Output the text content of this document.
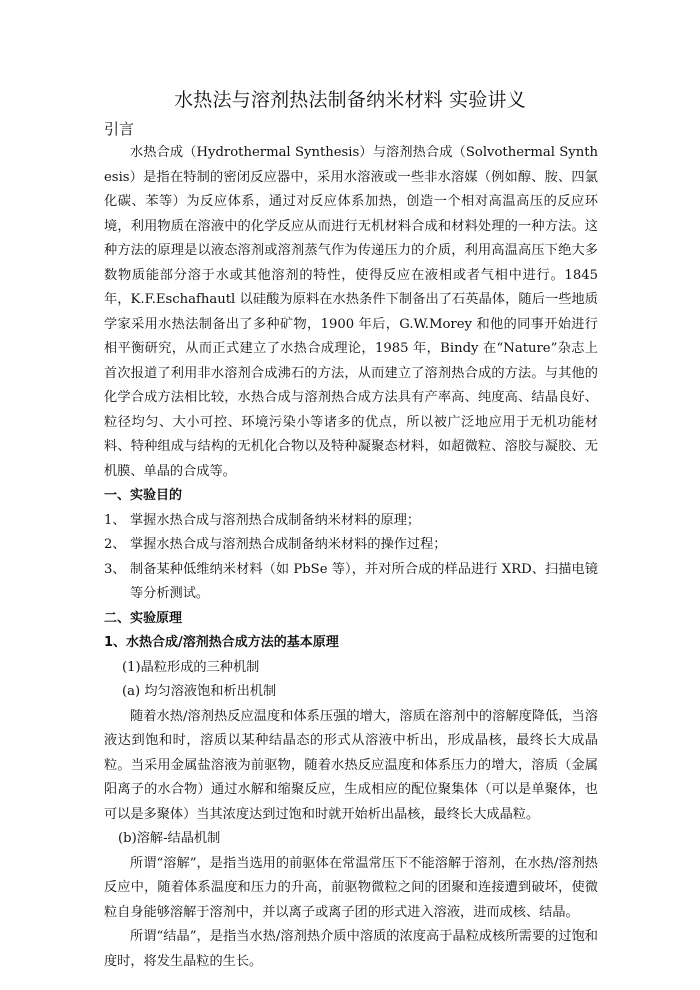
水热法与溶剂热法制备纳米材料 实验讲义

引言

水热合成（Hydrothermal Synthesis）与溶剂热合成（Solvothermal Synthesis）是指在特制的密闭反应器中，采用水溶液或一些非水溶媒（例如醇、胺、四氯化碳、苯等）为反应体系，通过对反应体系加热，创造一个相对高温高压的反应环境，利用物质在溶液中的化学反应从而进行无机材料合成和材料处理的一种方法。这种方法的原理是以液态溶剂或溶剂蒸气作为传递压力的介质，利用高温高压下绝大多数物质能部分溶于水或其他溶剂的特性，使得反应在液相或者气相中进行。1845 年，K.F.Eschafhautl 以硅酸为原料在水热条件下制备出了石英晶体，随后一些地质学家采用水热法制备出了多种矿物，1900 年后，G.W.Morey 和他的同事开始进行相平衡研究，从而正式建立了水热合成理论，1985 年，Bindy 在“Nature”杂志上首次报道了利用非水溶剂合成沸石的方法，从而建立了溶剂热合成的方法。与其他的化学合成方法相比较，水热合成与溶剂热合成方法具有产率高、纯度高、结晶良好、粒径均匀、大小可控、环境污染小等诸多的优点，所以被广泛地应用于无机功能材料、特种组成与结构的无机化合物以及特种凝聚态材料，如超微粒、溶胶与凝胶、无机膜、单晶的合成等。

一、实验目的

1、 掌握水热合成与溶剂热合成制备纳米材料的原理；
2、 掌握水热合成与溶剂热合成制备纳米材料的操作过程；
3、 制备某种低维纳米材料（如 PbSe 等），并对所合成的样品进行 XRD、扫描电镜等分析测试。

二、实验原理

1、水热合成/溶剂热合成方法的基本原理

(1)晶粒形成的三种机制

(a) 均匀溶液饱和析出机制

随着水热/溶剂热反应温度和体系压强的增大，溶质在溶剂中的溶解度降低，当溶液达到饱和时，溶质以某种结晶态的形式从溶液中析出，形成晶核，最终长大成晶粒。当采用金属盐溶液为前驱物，随着水热反应温度和体系压力的增大，溶质（金属阳离子的水合物）通过水解和缩聚反应，生成相应的配位聚集体（可以是单聚体，也可以是多聚体）当其浓度达到过饱和时就开始析出晶核，最终长大成晶粒。

(b)溶解-结晶机制

所谓“溶解”，是指当选用的前驱体在常温常压下不能溶解于溶剂，在水热/溶剂热反应中，随着体系温度和压力的升高，前驱物微粒之间的团聚和连接遭到破坏，使微粒自身能够溶解于溶剂中，并以离子或离子团的形式进入溶液，进而成核、结晶。

所谓“结晶”，是指当水热/溶剂热介质中溶质的浓度高于晶粒成核所需要的过饱和度时，将发生晶粒的生长。
